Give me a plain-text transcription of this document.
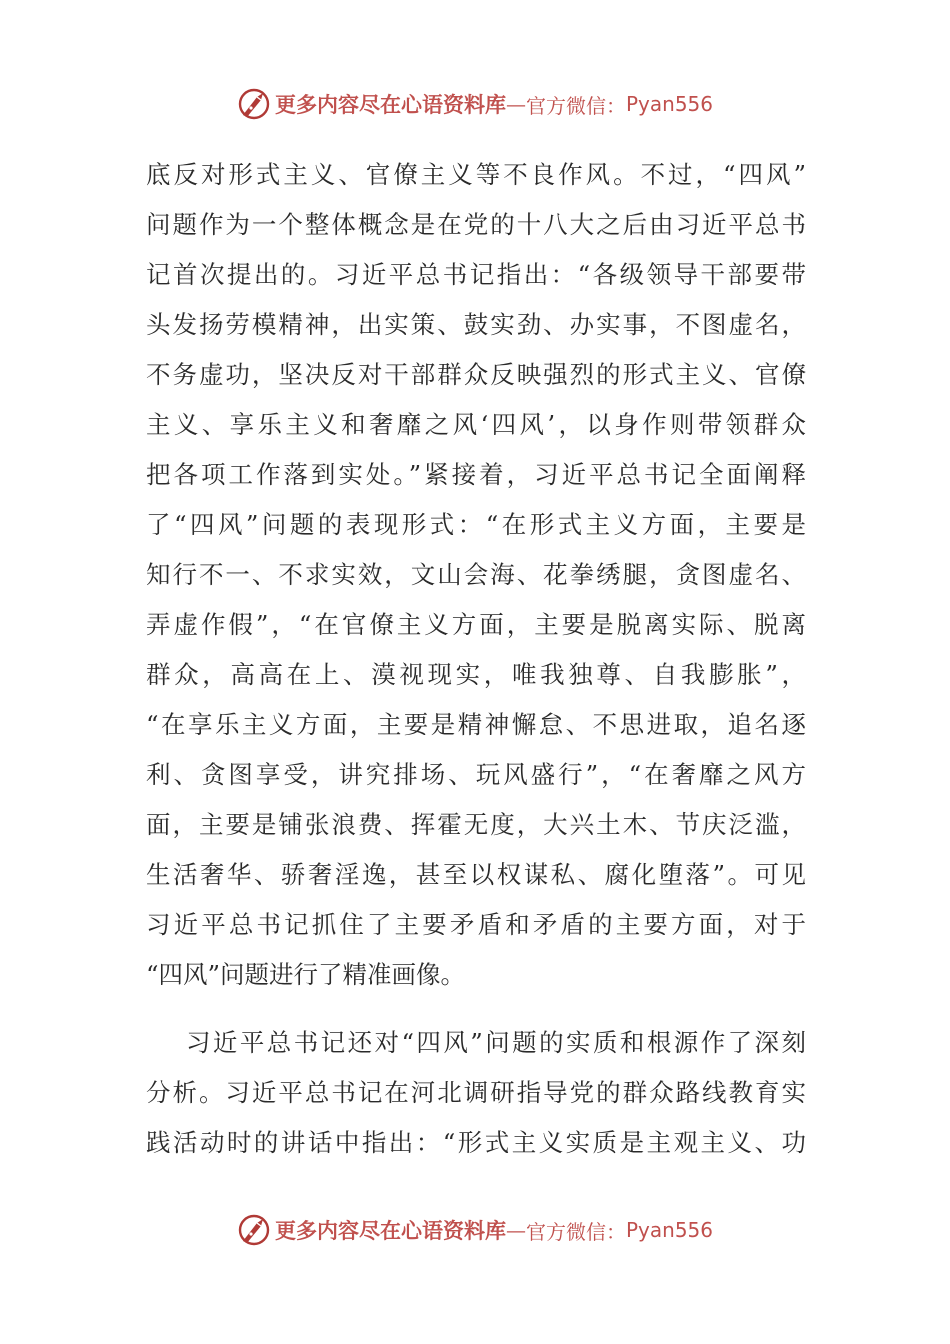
更多内容尽在心语资料库 — 官方微信： Pyan556
底反对形式主义、官僚主义等不良作风。不过，“四风”
问题作为一个整体概念是在党的十八大之后由习近平总书
记首次提出的。习近平总书记指出：“各级领导干部要带
头发扬劳模精神，出实策、鼓实劲、办实事，不图虚名，
不务虚功，坚决反对干部群众反映强烈的形式主义、官僚
主义、享乐主义和奢靡之风‘四风’，以身作则带领群众
把各项工作落到实处。”紧接着，习近平总书记全面阐释
了“四风”问题的表现形式：“在形式主义方面，主要是
知行不一、不求实效，文山会海、花拳绣腿，贪图虚名、
弄虚作假”，“在官僚主义方面，主要是脱离实际、脱离
群众，高高在上、漠视现实，唯我独尊、自我膨胀”，
“在享乐主义方面，主要是精神懈怠、不思进取，追名逐
利、贪图享受，讲究排场、玩风盛行”，“在奢靡之风方
面，主要是铺张浪费、挥霍无度，大兴土木、节庆泛滥，
生活奢华、骄奢淫逸，甚至以权谋私、腐化堕落”。可见
习近平总书记抓住了主要矛盾和矛盾的主要方面，对于
“四风”问题进行了精准画像。
习近平总书记还对“四风”问题的实质和根源作了深刻
分析。习近平总书记在河北调研指导党的群众路线教育实
践活动时的讲话中指出：“形式主义实质是主观主义、功
更多内容尽在心语资料库 — 官方微信： Pyan556
